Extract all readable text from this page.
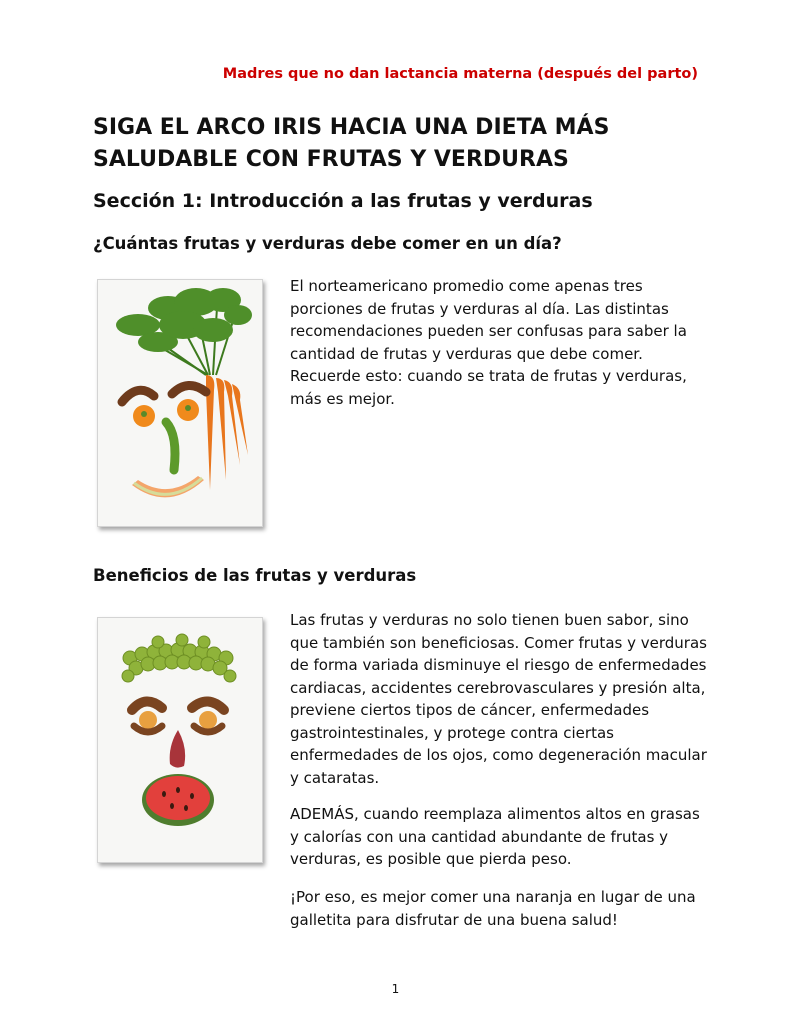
Madres que no dan lactancia materna (después del parto)

SIGA EL ARCO IRIS HACIA UNA DIETA MÁS
SALUDABLE CON FRUTAS Y VERDURAS
Sección 1: Introducción a las frutas y verduras
¿Cuántas frutas y verduras debe comer en un día?

El norteamericano promedio come apenas tres porciones de frutas y verduras al día. Las distintas recomendaciones pueden ser confusas para saber la cantidad de frutas y verduras que debe comer. Recuerde esto: cuando se trata de frutas y verduras, más es mejor.

Beneficios de las frutas y verduras

Las frutas y verduras no solo tienen buen sabor, sino que también son beneficiosas. Comer frutas y verduras de forma variada disminuye el riesgo de enfermedades cardiacas, accidentes cerebrovasculares y presión alta, previene ciertos tipos de cáncer, enfermedades gastrointestinales, y protege contra ciertas enfermedades de los ojos, como degeneración macular y cataratas.

ADEMÁS, cuando reemplaza alimentos altos en grasas y calorías con una cantidad abundante de frutas y verduras, es posible que pierda peso.

¡Por eso, es mejor comer una naranja en lugar de una galletita para disfrutar de una buena salud!

1
